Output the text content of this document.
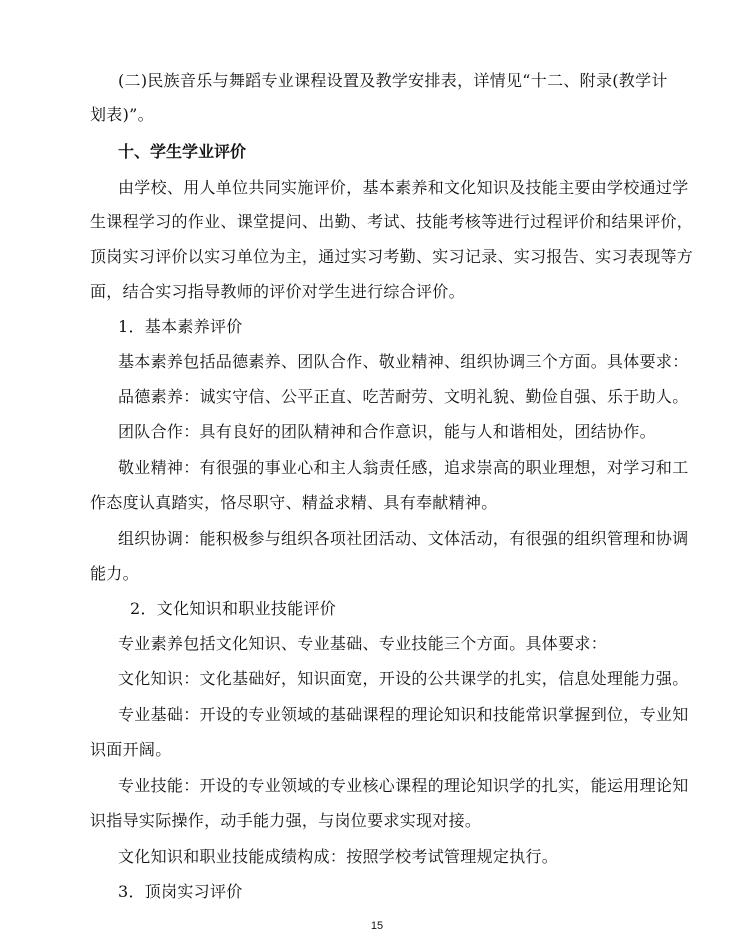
(二)民族音乐与舞蹈专业课程设置及教学安排表，详情见“十二、附录(教学计
划表)”。
十、学生学业评价
由学校、用人单位共同实施评价，基本素养和文化知识及技能主要由学校通过学
生课程学习的作业、课堂提问、出勤、考试、技能考核等进行过程评价和结果评价，
顶岗实习评价以实习单位为主，通过实习考勤、实习记录、实习报告、实习表现等方
面，结合实习指导教师的评价对学生进行综合评价。
1．基本素养评价
基本素养包括品德素养、团队合作、敬业精神、组织协调三个方面。具体要求：
品德素养：诚实守信、公平正直、吃苦耐劳、文明礼貌、勤俭自强、乐于助人。
团队合作：具有良好的团队精神和合作意识，能与人和谐相处，团结协作。
敬业精神：有很强的事业心和主人翁责任感，追求崇高的职业理想，对学习和工
作态度认真踏实，恪尽职守、精益求精、具有奉献精神。
组织协调：能积极参与组织各项社团活动、文体活动，有很强的组织管理和协调
能力。
2．文化知识和职业技能评价
专业素养包括文化知识、专业基础、专业技能三个方面。具体要求：
文化知识：文化基础好，知识面宽，开设的公共课学的扎实，信息处理能力强。
专业基础：开设的专业领域的基础课程的理论知识和技能常识掌握到位，专业知
识面开阔。
专业技能：开设的专业领域的专业核心课程的理论知识学的扎实，能运用理论知
识指导实际操作，动手能力强，与岗位要求实现对接。
文化知识和职业技能成绩构成：按照学校考试管理规定执行。
3．顶岗实习评价
15
